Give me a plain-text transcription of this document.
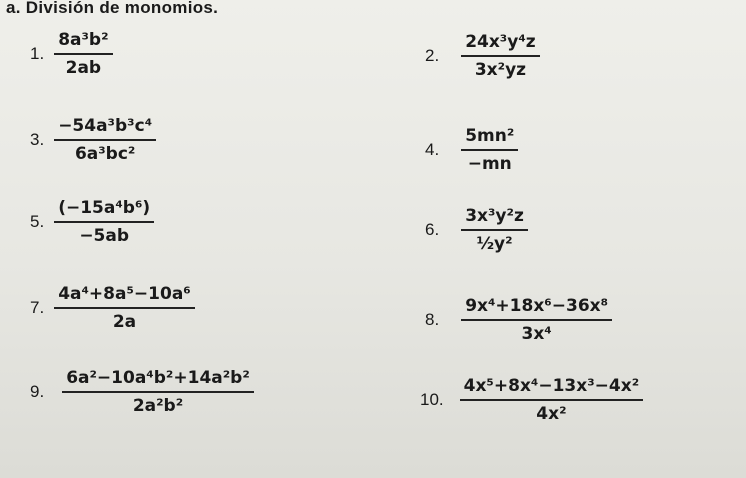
a. División de monomios.
1. $\frac{\text{8a³b²}}{2ab}$	2. $\frac{\text{24x³y⁴z}}{\text{3x²yz}}$
3. $\frac{\text{−54a³b³c⁴}}{\text{6a³bc²}}$	4. $\frac{\text{5mn²}}{-mn}$
5. $\frac{\text{(−15a⁴b⁶)}}{-5ab}$	6. $\frac{\text{3x³y²z}}{\text{½y²}}$
7. $\frac{\text{4a⁴+8a⁵−10a⁶}}{2a}$	8. $\frac{\text{9x⁴+18x⁶−36x⁸}}{\text{3x⁴}}$
9. $\frac{\text{6a²−10a⁴b²+14a²b²}}{\text{2a²b²}}$	10. $\frac{\text{4x⁵+8x⁴−13x³−4x²}}{\text{4x²}}$
